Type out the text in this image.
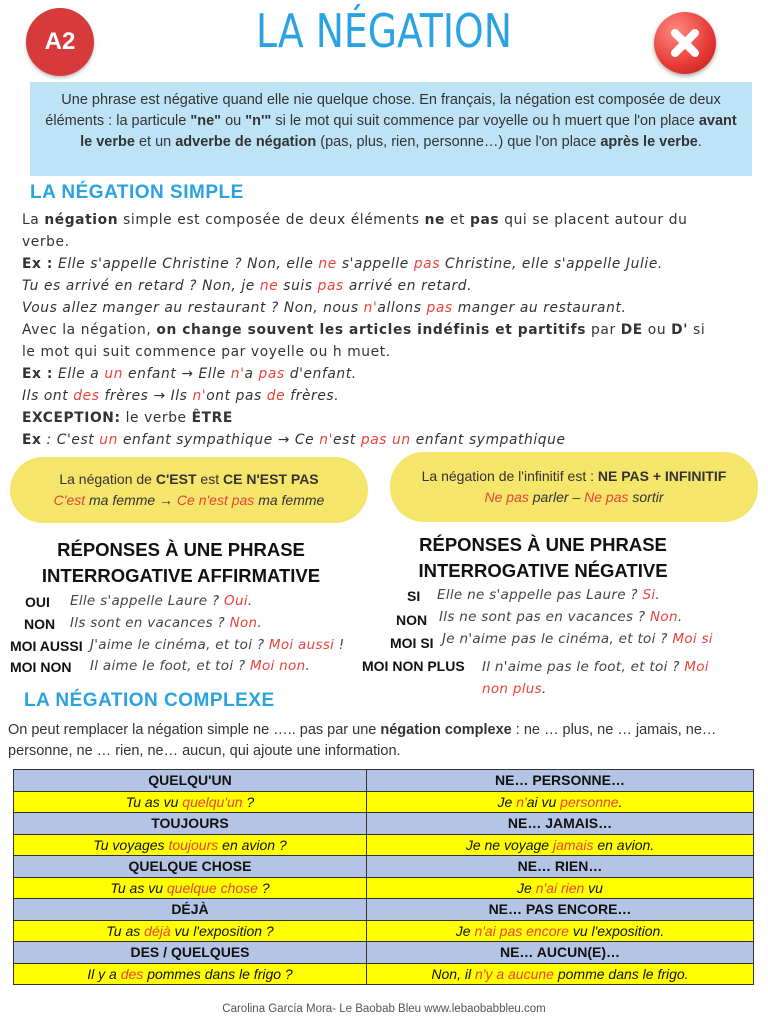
A2	LA NÉGATION
Une phrase est négative quand elle nie quelque chose. En français, la négation est composée de deux éléments : la particule "ne" ou "n'" si le mot qui suit commence par voyelle ou h muert que l'on place avant le verbe et un adverbe de négation (pas, plus, rien, personne…) que l'on place après le verbe.
LA NÉGATION SIMPLE
La négation simple est composée de deux éléments ne et pas qui se placent autour du
verbe.
Ex : Elle s'appelle Christine ? Non, elle ne s'appelle pas Christine, elle s'appelle Julie.
Tu es arrivé en retard ? Non, je ne suis pas arrivé en retard.
Vous allez manger au restaurant ? Non, nous n'allons pas manger au restaurant.
Avec la négation, on change souvent les articles indéfinis et partitifs par DE ou D' si
le mot qui suit commence par voyelle ou h muet.
Ex : Elle a un enfant → Elle n'a pas d'enfant.
Ils ont des frères → Ils n'ont pas de frères.
EXCEPTION: le verbe ÊTRE
Ex : C'est un enfant sympathique → Ce n'est pas un enfant sympathique
La négation de C'EST est CE N'EST PAS
C'est ma femme → Ce n'est pas ma femme
La négation de l'infinitif est : NE PAS + INFINITIF
Ne pas parler – Ne pas sortir
RÉPONSES À UNE PHRASE
INTERROGATIVE AFFIRMATIVE
OUI Elle s'appelle Laure ? Oui.
NON Ils sont en vacances ? Non.
MOI AUSSI J'aime le cinéma, et toi ? Moi aussi !
MOI NON Il aime le foot, et toi ? Moi non.
RÉPONSES À UNE PHRASE
INTERROGATIVE NÉGATIVE
SI Elle ne s'appelle pas Laure ? Si.
NON Ils ne sont pas en vacances ? Non.
MOI SI Je n'aime pas le cinéma, et toi ? Moi si
MOI NON PLUS Il n'aime pas le foot, et toi ? Moi
non plus.
LA NÉGATION COMPLEXE
On peut remplacer la négation simple ne ….. pas par une négation complexe : ne … plus, ne … jamais, ne…
personne, ne … rien, ne… aucun, qui ajoute une information.
QUELQU'UN	NE… PERSONNE…
Tu as vu quelqu'un ?	Je n'ai vu personne.
TOUJOURS	NE… JAMAIS…
Tu voyages toujours en avion ?	Je ne voyage jamais en avion.
QUELQUE CHOSE	NE… RIEN…
Tu as vu quelque chose ?	Je n'ai rien vu
DÉJÀ	NE… PAS ENCORE…
Tu as déjà vu l'exposition ?	Je n'ai pas encore vu l'exposition.
DES / QUELQUES	NE… AUCUN(E)…
Il y a des pommes dans le frigo ?	Non, il n'y a aucune pomme dans le frigo.
Carolina García Mora- Le Baobab Bleu www.lebaobabbleu.com
